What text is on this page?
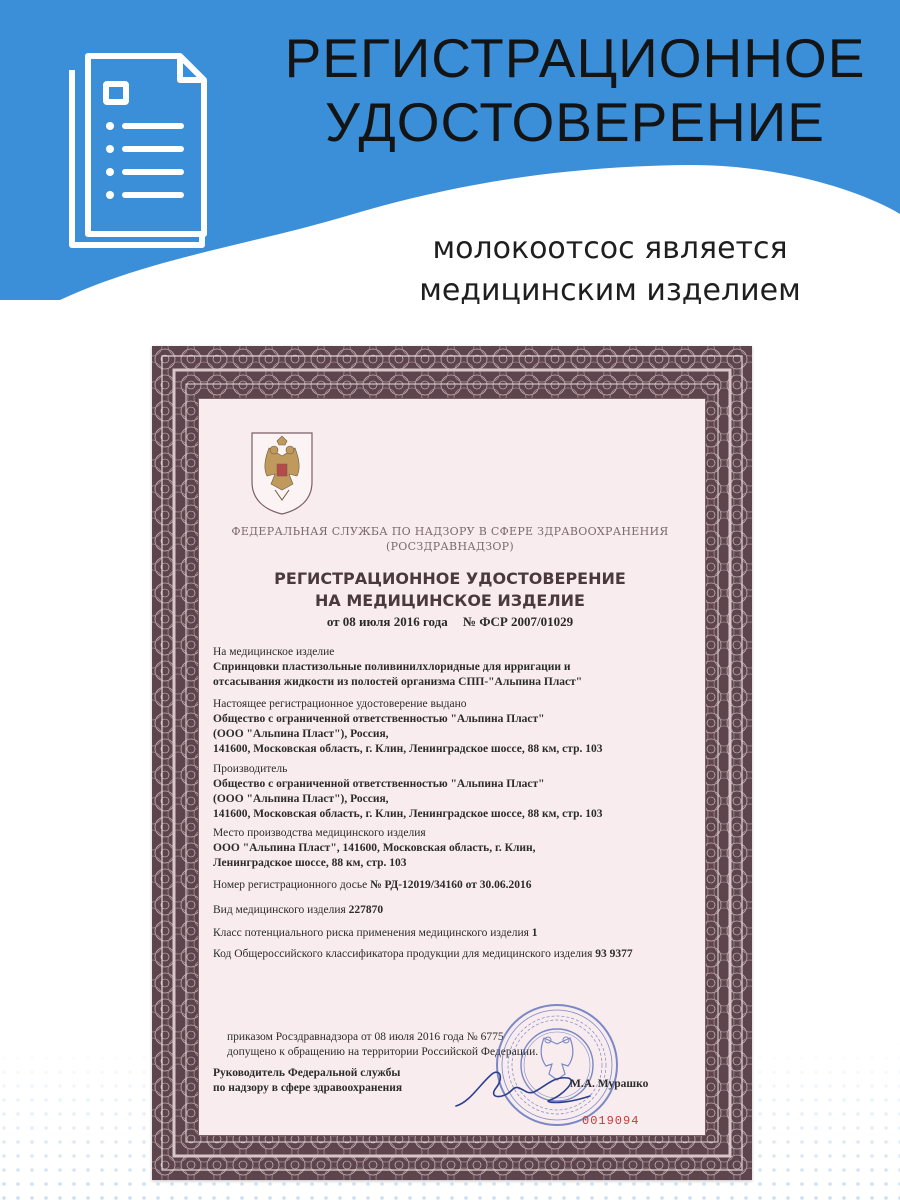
РЕГИСТРАЦИОННОЕ
УДОСТОВЕРЕНИЕ
молокоотсос является
медицинским изделием
ФЕДЕРАЛЬНАЯ СЛУЖБА ПО НАДЗОРУ В СФЕРЕ ЗДРАВООХРАНЕНИЯ
(РОСЗДРАВНАДЗОР)
РЕГИСТРАЦИОННОЕ УДОСТОВЕРЕНИЕ
НА МЕДИЦИНСКОЕ ИЗДЕЛИЕ
от 08 июля 2016 года № ФСР 2007/01029
На медицинское изделие
Спринцовки пластизольные поливинилхлоридные для ирригации и
отсасывания жидкости из полостей организма СПП-"Альпина Пласт"
Настоящее регистрационное удостоверение выдано
Общество с ограниченной ответственностью "Альпина Пласт"
(ООО "Альпина Пласт"), Россия,
141600, Московская область, г. Клин, Ленинградское шоссе, 88 км, стр. 103
Производитель
Общество с ограниченной ответственностью "Альпина Пласт"
(ООО "Альпина Пласт"), Россия,
141600, Московская область, г. Клин, Ленинградское шоссе, 88 км, стр. 103
Место производства медицинского изделия
ООО "Альпина Пласт", 141600, Московская область, г. Клин,
Ленинградское шоссе, 88 км, стр. 103
Номер регистрационного досье № РД-12019/34160 от 30.06.2016
Вид медицинского изделия 227870
Класс потенциального риска применения медицинского изделия 1
Код Общероссийского классификатора продукции для медицинского изделия 93 9377
приказом Росздравнадзора от 08 июля 2016 года № 6775
допущено к обращению на территории Российской Федерации.
Руководитель Федеральной службы
по надзору в сфере здравоохранения	М.А. Мурашко
0019094
